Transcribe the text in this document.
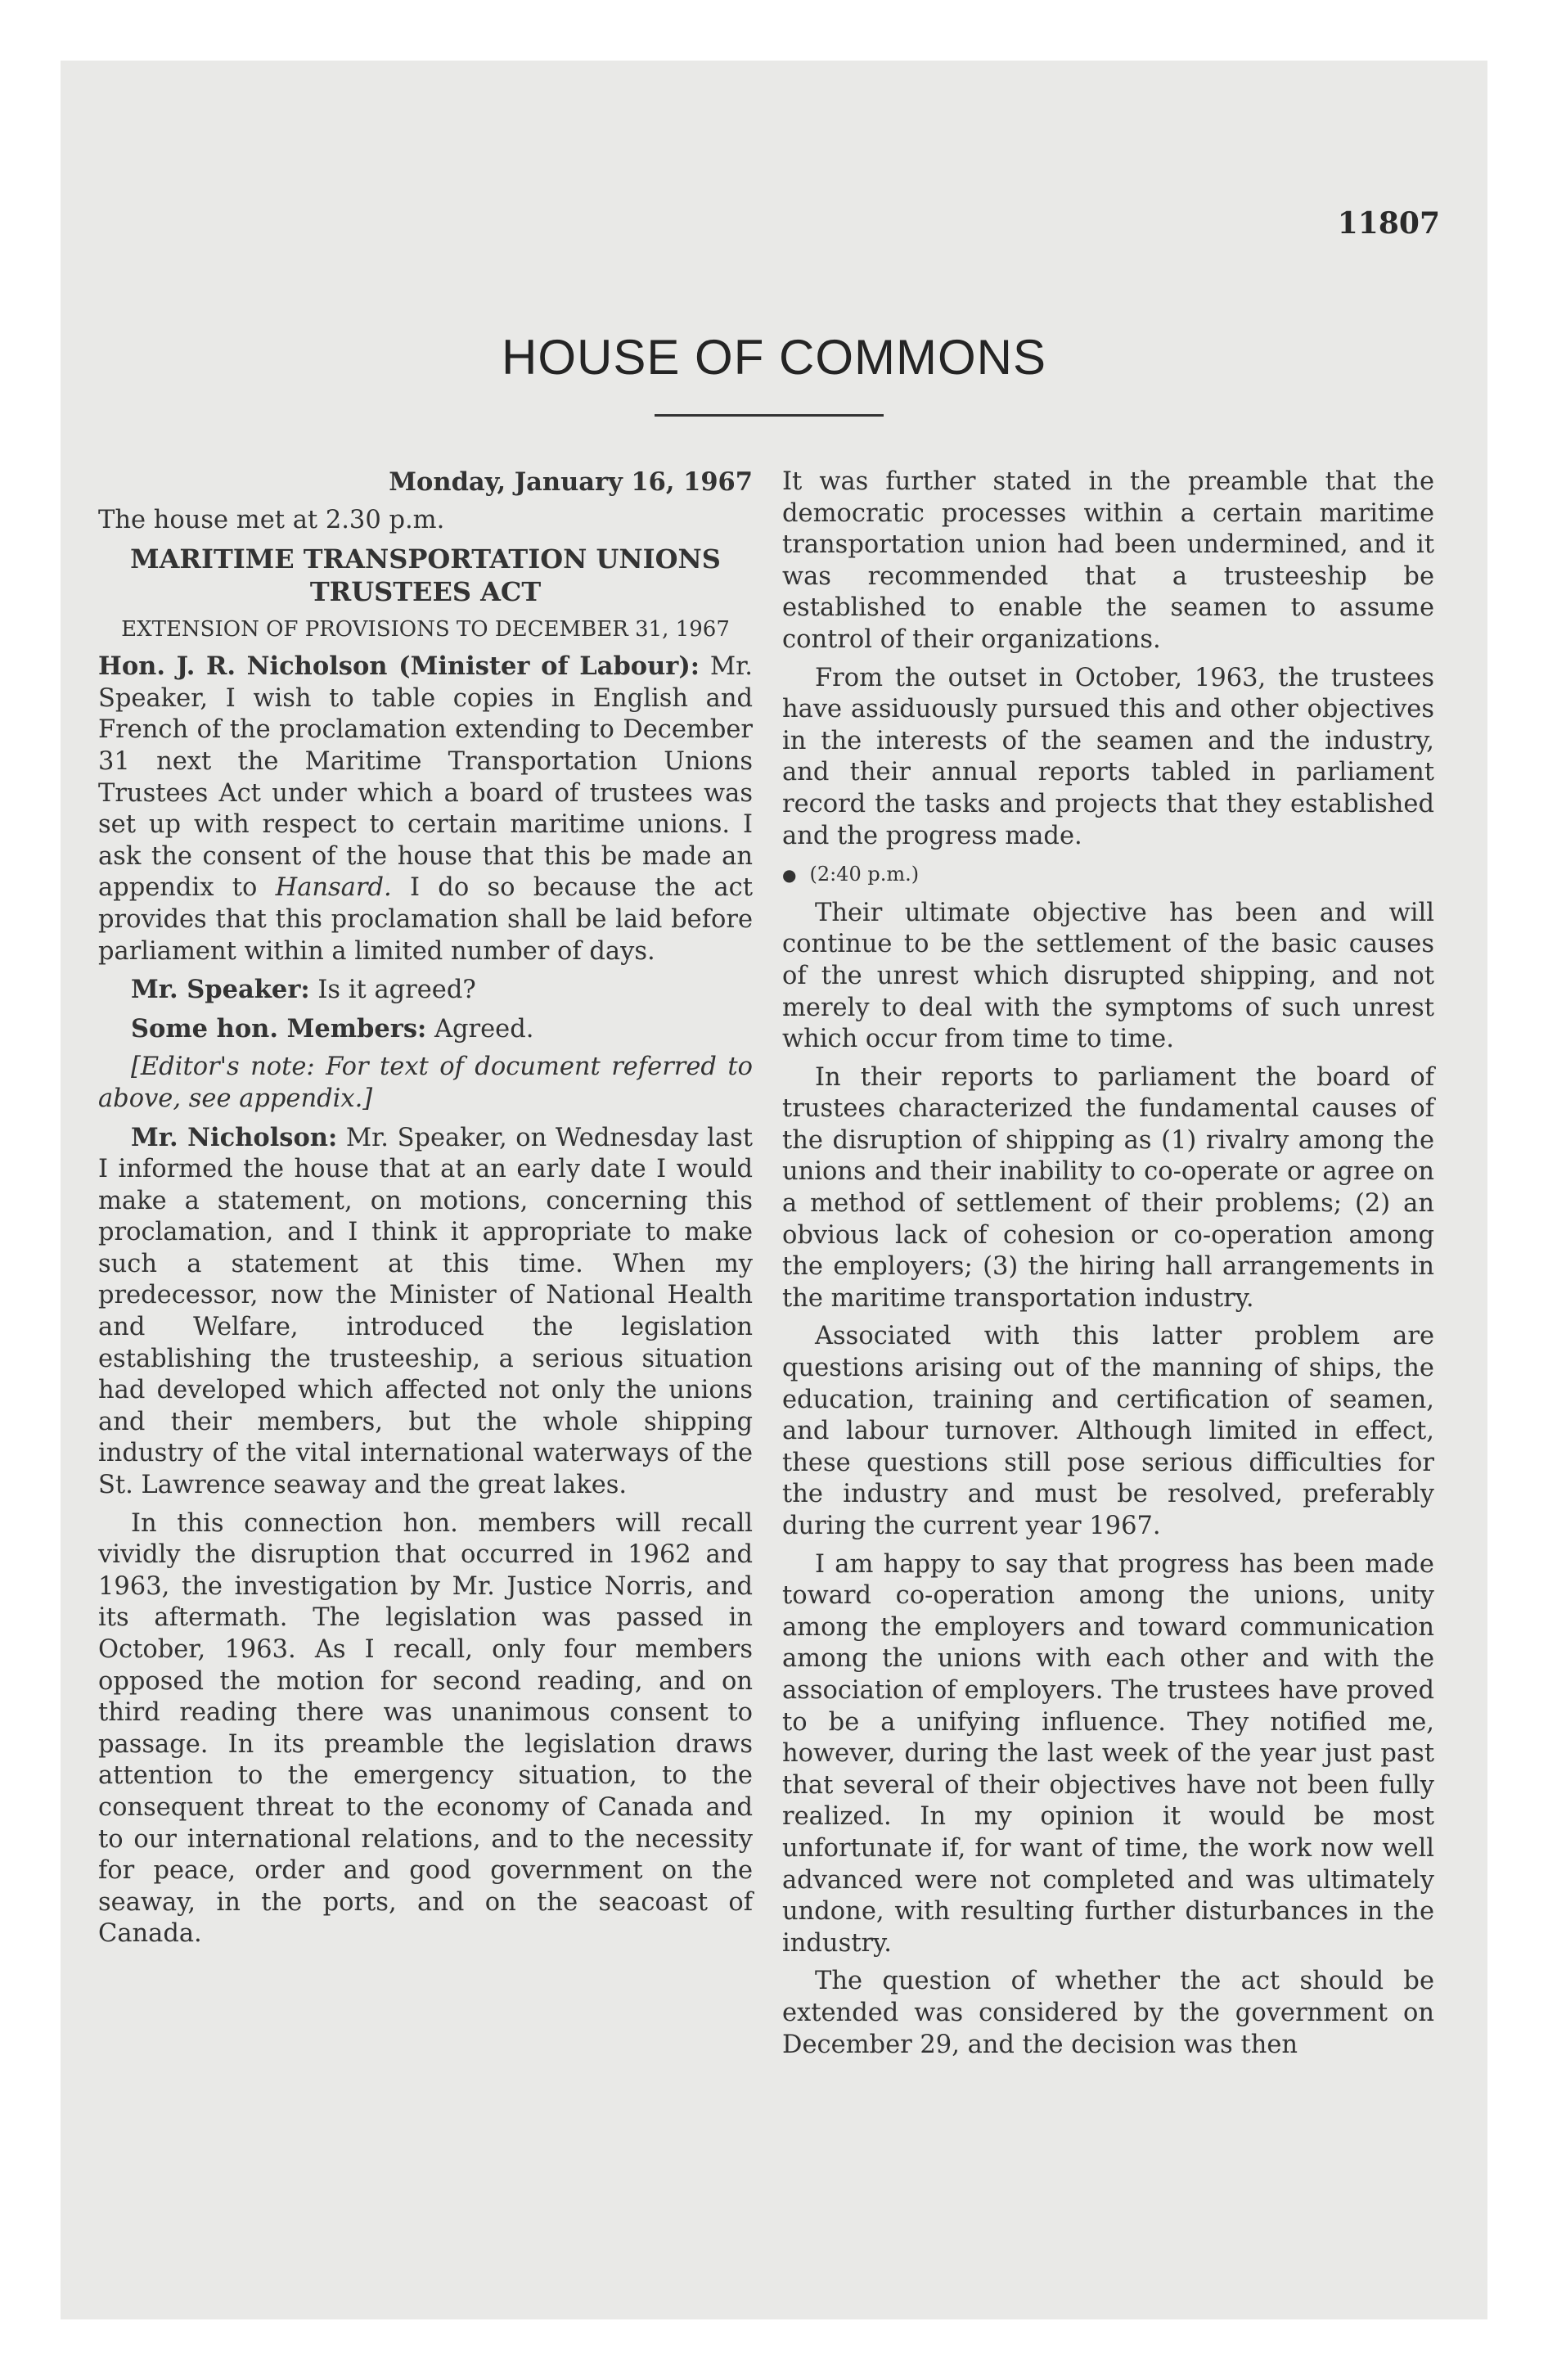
11807
HOUSE OF COMMONS

Monday, January 16, 1967

The house met at 2.30 p.m.

MARITIME TRANSPORTATION UNIONS TRUSTEES ACT

EXTENSION OF PROVISIONS TO DECEMBER 31, 1967

Hon. J. R. Nicholson (Minister of Labour): Mr. Speaker, I wish to table copies in English and French of the proclamation extending to December 31 next the Maritime Transportation Unions Trustees Act under which a board of trustees was set up with respect to certain maritime unions. I ask the consent of the house that this be made an appendix to Hansard. I do so because the act provides that this proclamation shall be laid before parliament within a limited number of days.

Mr. Speaker: Is it agreed?

Some hon. Members: Agreed.

[Editor's note: For text of document referred to above, see appendix.]

Mr. Nicholson: Mr. Speaker, on Wednesday last I informed the house that at an early date I would make a statement, on motions, concerning this proclamation, and I think it appropriate to make such a statement at this time. When my predecessor, now the Minister of National Health and Welfare, introduced the legislation establishing the trusteeship, a serious situation had developed which affected not only the unions and their members, but the whole shipping industry of the vital international waterways of the St. Lawrence seaway and the great lakes.

In this connection hon. members will recall vividly the disruption that occurred in 1962 and 1963, the investigation by Mr. Justice Norris, and its aftermath. The legislation was passed in October, 1963. As I recall, only four members opposed the motion for second reading, and on third reading there was unanimous consent to passage. In its preamble the legislation draws attention to the emergency situation, to the consequent threat to the economy of Canada and to our international relations, and to the necessity for peace, order and good government on the seaway, in the ports, and on the seacoast of Canada.

It was further stated in the preamble that the democratic processes within a certain maritime transportation union had been undermined, and it was recommended that a trusteeship be established to enable the seamen to assume control of their organizations.

From the outset in October, 1963, the trustees have assiduously pursued this and other objectives in the interests of the seamen and the industry, and their annual reports tabled in parliament record the tasks and projects that they established and the progress made.

● (2:40 p.m.)

Their ultimate objective has been and will continue to be the settlement of the basic causes of the unrest which disrupted shipping, and not merely to deal with the symptoms of such unrest which occur from time to time.

In their reports to parliament the board of trustees characterized the fundamental causes of the disruption of shipping as (1) rivalry among the unions and their inability to co-operate or agree on a method of settlement of their problems; (2) an obvious lack of cohesion or co-operation among the employers; (3) the hiring hall arrangements in the maritime transportation industry.

Associated with this latter problem are questions arising out of the manning of ships, the education, training and certification of seamen, and labour turnover. Although limited in effect, these questions still pose serious difficulties for the industry and must be resolved, preferably during the current year 1967.

I am happy to say that progress has been made toward co-operation among the unions, unity among the employers and toward communication among the unions with each other and with the association of employers. The trustees have proved to be a unifying influence. They notified me, however, during the last week of the year just past that several of their objectives have not been fully realized. In my opinion it would be most unfortunate if, for want of time, the work now well advanced were not completed and was ultimately undone, with resulting further disturbances in the industry.

The question of whether the act should be extended was considered by the government on December 29, and the decision was then
